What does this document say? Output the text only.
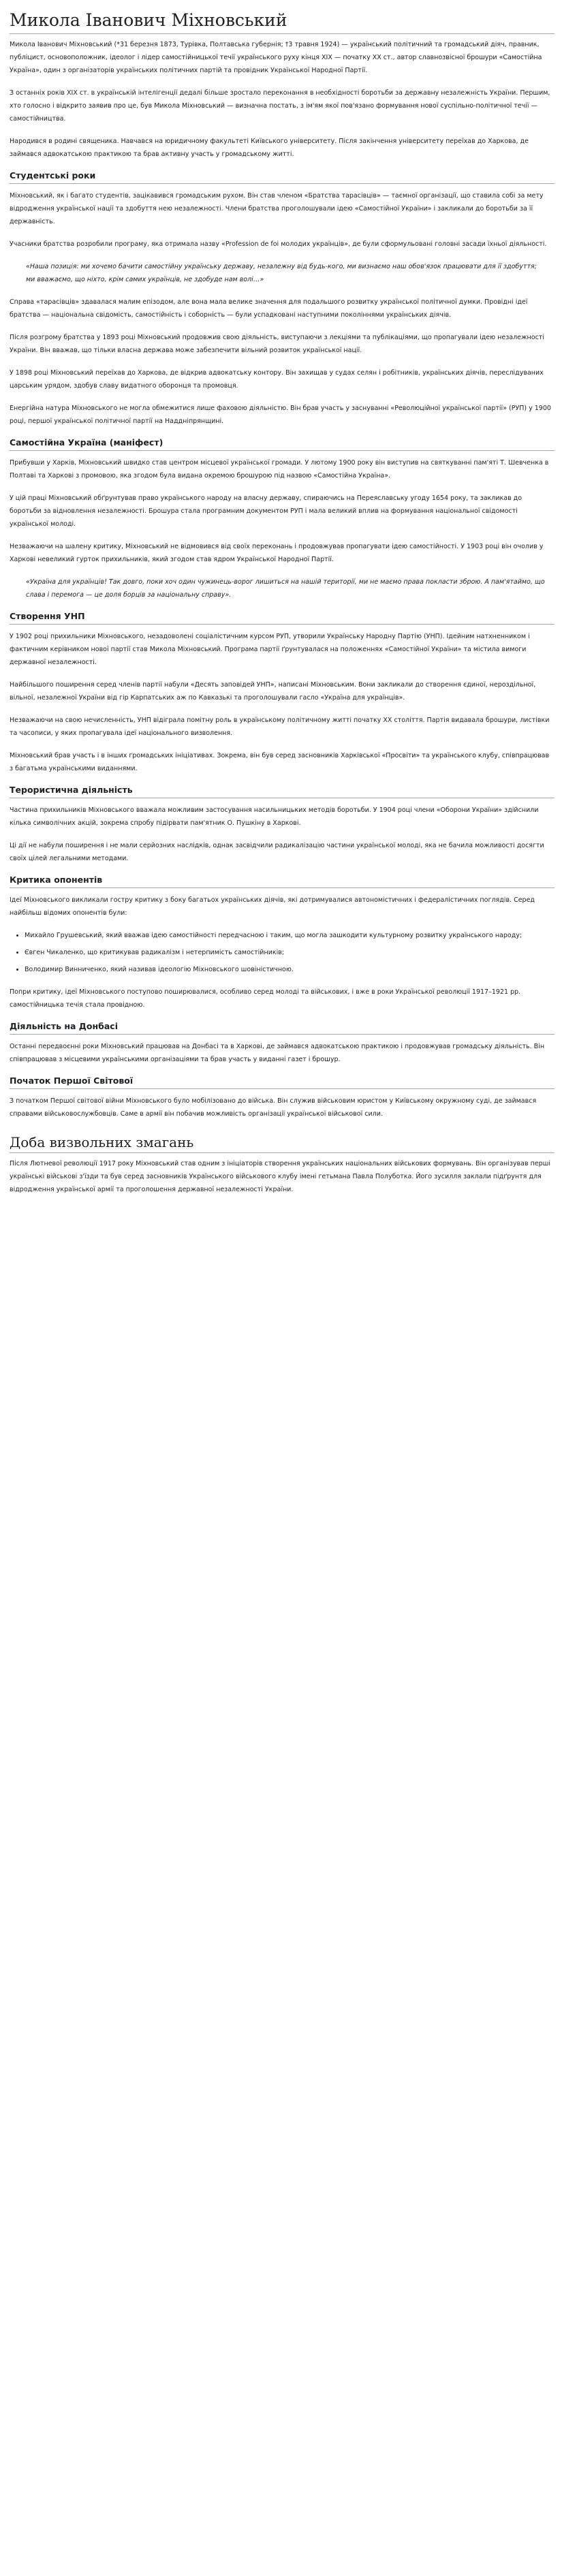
Микола Іванович Міхновський

Микола Іванович Міхновський (*31 березня 1873, Турівка, Полтавська губернія; †3 травня 1924) — український політичний та громадський діяч, правник, публіцист, основоположник, ідеолог і лідер самостійницької течії українського руху кінця XIX — початку XX ст., автор славнозвісної брошури «Самостійна Україна», один з організаторів українських політичних партій та провідник Української Народної Партії.

З останніх років XIX ст. в українській інтелігенції дедалі більше зростало переконання в необхідності боротьби за державну незалежність України. Першим, хто голосно і відкрито заявив про це, був Микола Міхновський — визначна постать, з ім'ям якої пов'язано формування нової суспільно-політичної течії — самостійництва.

Народився в родині священика. Навчався на юридичному факультеті Київського університету. Після закінчення університету переїхав до Харкова, де займався адвокатською практикою та брав активну участь у громадському житті.

Студентські роки

Міхновський, як і багато студентів, зацікавився громадським рухом. Він став членом «Братства тарасівців» — таємної організації, що ставила собі за мету відродження української нації та здобуття нею незалежності. Члени братства проголошували ідею «Самостійної України» і закликали до боротьби за її державність.

Учасники братства розробили програму, яка отримала назву «Profession de foi молодих українців», де були сформульовані головні засади їхньої діяльності.

«Наша позиція: ми хочемо бачити самостійну українську державу, незалежну від будь-кого, ми визнаємо наш обов'язок працювати для її здобуття; ми вважаємо, що ніхто, крім самих українців, не здобуде нам волі…»

Справа «тарасівців» здавалася малим епізодом, але вона мала велике значення для подальшого розвитку української політичної думки. Провідні ідеї братства — національна свідомість, самостійність і соборність — були успадковані наступними поколіннями українських діячів.

Після розгрому братства у 1893 році Міхновський продовжив свою діяльність, виступаючи з лекціями та публікаціями, що пропагували ідею незалежності України. Він вважав, що тільки власна держава може забезпечити вільний розвиток української нації.

У 1898 році Міхновський переїхав до Харкова, де відкрив адвокатську контору. Він захищав у судах селян і робітників, українських діячів, переслідуваних царським урядом, здобув славу видатного оборонця та промовця.

Енергійна натура Міхновського не могла обмежитися лише фаховою діяльністю. Він брав участь у заснуванні «Революційної української партії» (РУП) у 1900 році, першої української політичної партії на Наддніпрянщині.

Самостійна Україна (маніфест)

Прибувши у Харків, Міхновський швидко став центром місцевої української громади. У лютому 1900 року він виступив на святкуванні пам'яті Т. Шевченка в Полтаві та Харкові з промовою, яка згодом була видана окремою брошурою під назвою «Самостійна Україна».

У цій праці Міхновський обґрунтував право українського народу на власну державу, спираючись на Переяславську угоду 1654 року, та закликав до боротьби за відновлення незалежності. Брошура стала програмним документом РУП і мала великий вплив на формування національної свідомості української молоді.

Незважаючи на шалену критику, Міхновський не відмовився від своїх переконань і продовжував пропагувати ідею самостійності. У 1903 році він очолив у Харкові невеликий гурток прихильників, який згодом став ядром Української Народної Партії.

«Україна для українців! Так довго, поки хоч один чужинець-ворог лишиться на нашій території, ми не маємо права покласти зброю. А пам'ятаймо, що слава і перемога — це доля борців за національну справу».
Створення УНП

У 1902 році прихильники Міхновського, незадоволені соціалістичним курсом РУП, утворили Українську Народну Партію (УНП). Ідейним натхненником і фактичним керівником нової партії став Микола Міхновський. Програма партії ґрунтувалася на положеннях «Самостійної України» та містила вимоги державної незалежності.

Найбільшого поширення серед членів партії набули «Десять заповідей УНП», написані Міхновським. Вони закликали до створення єдиної, нероздільної, вільної, незалежної України від гір Карпатських аж по Кавказькі та проголошували гасло «Україна для українців».

Незважаючи на свою нечисленність, УНП відіграла помітну роль в українському політичному житті початку XX століття. Партія видавала брошури, листівки та часописи, у яких пропагувала ідеї національного визволення.

Міхновський брав участь і в інших громадських ініціативах. Зокрема, він був серед засновників Харківської «Просвіти» та українського клубу, співпрацював з багатьма українськими виданнями.

Терористична діяльність

Частина прихильників Міхновського вважала можливим застосування насильницьких методів боротьби. У 1904 році члени «Оборони України» здійснили кілька символічних акцій, зокрема спробу підірвати пам'ятник О. Пушкіну в Харкові.

Ці дії не набули поширення і не мали серйозних наслідків, однак засвідчили радикалізацію частини української молоді, яка не бачила можливості досягти своїх цілей легальними методами.

Критика опонентів

Ідеї Міхновського викликали гостру критику з боку багатьох українських діячів, які дотримувалися автономістичних і федералістичних поглядів. Серед найбільш відомих опонентів були:

• Михайло Грушевський, який вважав ідею самостійності передчасною і таким, що могла зашкодити культурному розвитку українського народу;
• Євген Чикаленко, що критикував радикалізм і нетерпимість самостійників;
• Володимир Винниченко, який називав ідеологію Міхновського шовіністичною.

Попри критику, ідеї Міхновського поступово поширювалися, особливо серед молоді та військових, і вже в роки Української революції 1917–1921 рр. самостійницька течія стала провідною.

Діяльність на Донбасі

Останні передвоєнні роки Міхновський працював на Донбасі та в Харкові, де займався адвокатською практикою і продовжував громадську діяльність. Він співпрацював з місцевими українськими організаціями та брав участь у виданні газет і брошур.

Початок Першої Світової

З початком Першої світової війни Міхновського було мобілізовано до війська. Він служив військовим юристом у Київському окружному суді, де займався справами військовослужбовців. Саме в армії він побачив можливість організації української військової сили.

Доба визвольних змагань

Після Лютневої революції 1917 року Міхновський став одним з ініціаторів створення українських національних військових формувань. Він організував перші українські військові з'їзди та був серед засновників Українського військового клубу імені гетьмана Павла Полуботка. Його зусилля заклали підґрунтя для відродження української армії та проголошення державної незалежності України.
